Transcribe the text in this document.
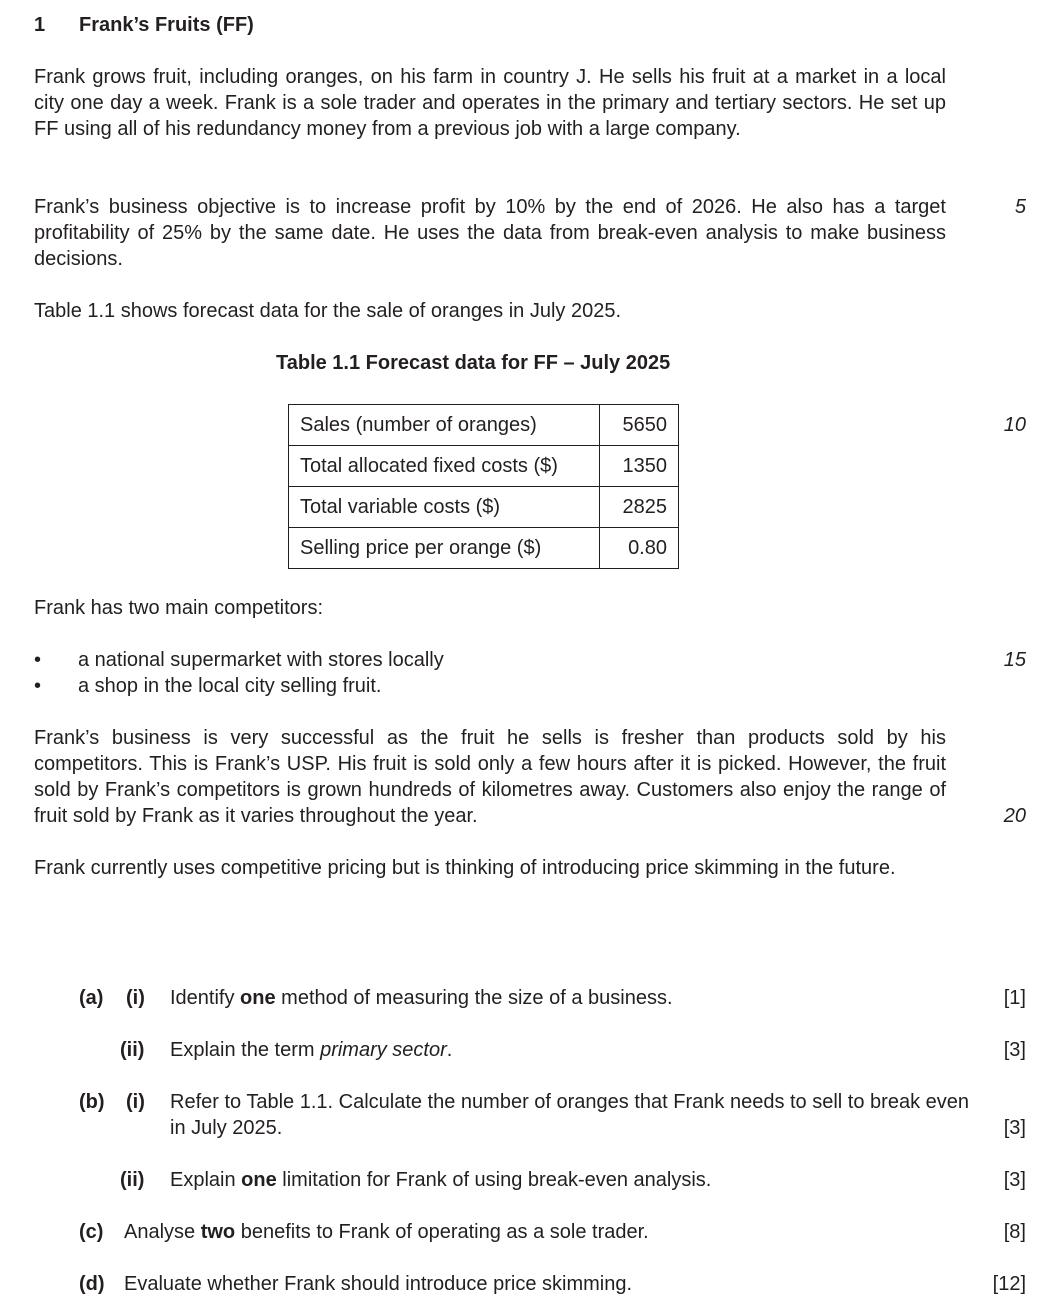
1 Frank’s Fruits (FF)
Frank grows fruit, including oranges, on his farm in country J. He sells his fruit at a market in a local city one day a week. Frank is a sole trader and operates in the primary and tertiary sectors. He set up FF using all of his redundancy money from a previous job with a large company.
Frank’s business objective is to increase profit by 10% by the end of 2026. He also has a target profitability of 25% by the same date. He uses the data from break-even analysis to make business decisions.
5
Table 1.1 shows forecast data for the sale of oranges in July 2025.
Table 1.1 Forecast data for FF – July 2025
Sales (number of oranges)	5650
Total allocated fixed costs ($)	1350
Total variable costs ($)	2825
Selling price per orange ($)	0.80
10
Frank has two main competitors:
• a national supermarket with stores locally	15
• a shop in the local city selling fruit.
Frank’s business is very successful as the fruit he sells is fresher than products sold by his competitors. This is Frank’s USP. His fruit is sold only a few hours after it is picked. However, the fruit sold by Frank’s competitors is grown hundreds of kilometres away. Customers also enjoy the range of fruit sold by Frank as it varies throughout the year.	20
Frank currently uses competitive pricing but is thinking of introducing price skimming in the future.
(a) (i) Identify one method of measuring the size of a business.	[1]
(ii) Explain the term primary sector.	[3]
(b) (i) Refer to Table 1.1. Calculate the number of oranges that Frank needs to sell to break even
in July 2025.	[3]
(ii) Explain one limitation for Frank of using break-even analysis.	[3]
(c) Analyse two benefits to Frank of operating as a sole trader.	[8]
(d) Evaluate whether Frank should introduce price skimming.	[12]
